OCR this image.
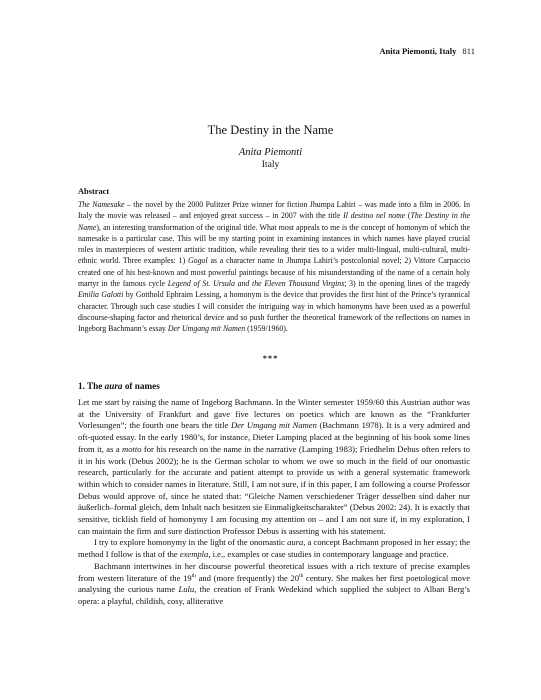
Anita Piemonti, Italy 811
The Destiny in the Name
Anita Piemonti
Italy
Abstract

The Namesake – the novel by the 2000 Pulitzer Prize winner for fiction Jhumpa Lahiri – was made into a film in 2006. In Italy the movie was released – and enjoyed great success – in 2007 with the title Il destino nel nome (The Destiny in the Name), an interesting transformation of the original title. What most appeals to me is the concept of homonym of which the namesake is a particular case. This will be my starting point in examining instances in which names have played crucial roles in masterpieces of western artistic tradition, while revealing their ties to a wider multi-lingual, multi-cultural, multi-ethnic world. Three examples: 1) Gogol as a character name in Jhumpa Lahiri’s postcolonial novel; 2) Vittore Carpaccio created one of his best-known and most powerful paintings because of his misunderstanding of the name of a certain holy martyr in the famous cycle Legend of St. Ursula and the Eleven Thousand Virgins; 3) in the opening lines of the tragedy Emilia Galotti by Gotthold Ephraim Lessing, a homonym is the device that provides the first hint of the Prince’s tyrannical character. Through such case studies I will consider the intriguing way in which homonyms have been used as a powerful discourse-shaping factor and rhetorical device and so push further the theoretical framework of the reflections on names in Ingeborg Bachmann’s essay Der Umgang mit Namen (1959/1960).

***
1. The aura of names

Let me start by raising the name of Ingeborg Bachmann. In the Winter semester 1959/60 this Austrian author was at the University of Frankfurt and gave five lectures on poetics which are known as the “Frankfurter Vorlesungen”; the fourth one bears the title Der Umgang mit Namen (Bachmann 1978). It is a very admired and oft-quoted essay. In the early 1980’s, for instance, Dieter Lamping placed at the beginning of his book some lines from it, as a motto for his research on the name in the narrative (Lamping 1983); Friedhelm Debus often refers to it in his work (Debus 2002); he is the German scholar to whom we owe so much in the field of our onomastic research, particularly for the accurate and patient attempt to provide us with a general systematic framework within which to consider names in literature. Still, I am not sure, if in this paper, I am following a course Professor Debus would approve of, since he stated that: “Gleiche Namen verschiedener Träger desselben sind daher nur äußerlich–formal gleich, dem Inhalt nach besitzen sie Einmaligkeitscharakter” (Debus 2002: 24). It is exactly that sensitive, ticklish field of homonymy I am focusing my attention on – and I am not sure if, in my exploration, I can maintain the firm and sure distinction Professor Debus is asserting with his statement.

I try to explore homonymy in the light of the onomastic aura, a concept Bachmann proposed in her essay; the method I follow is that of the exempla, i.e., examples or case studies in contemporary language and practice.

Bachmann intertwines in her discourse powerful theoretical issues with a rich texture of precise examples from western literature of the 19th and (more frequently) the 20th century. She makes her first poetological move analysing the curious name Lulu, the creation of Frank Wedekind which supplied the subject to Alban Berg’s opera: a playful, childish, cosy, alliterative
